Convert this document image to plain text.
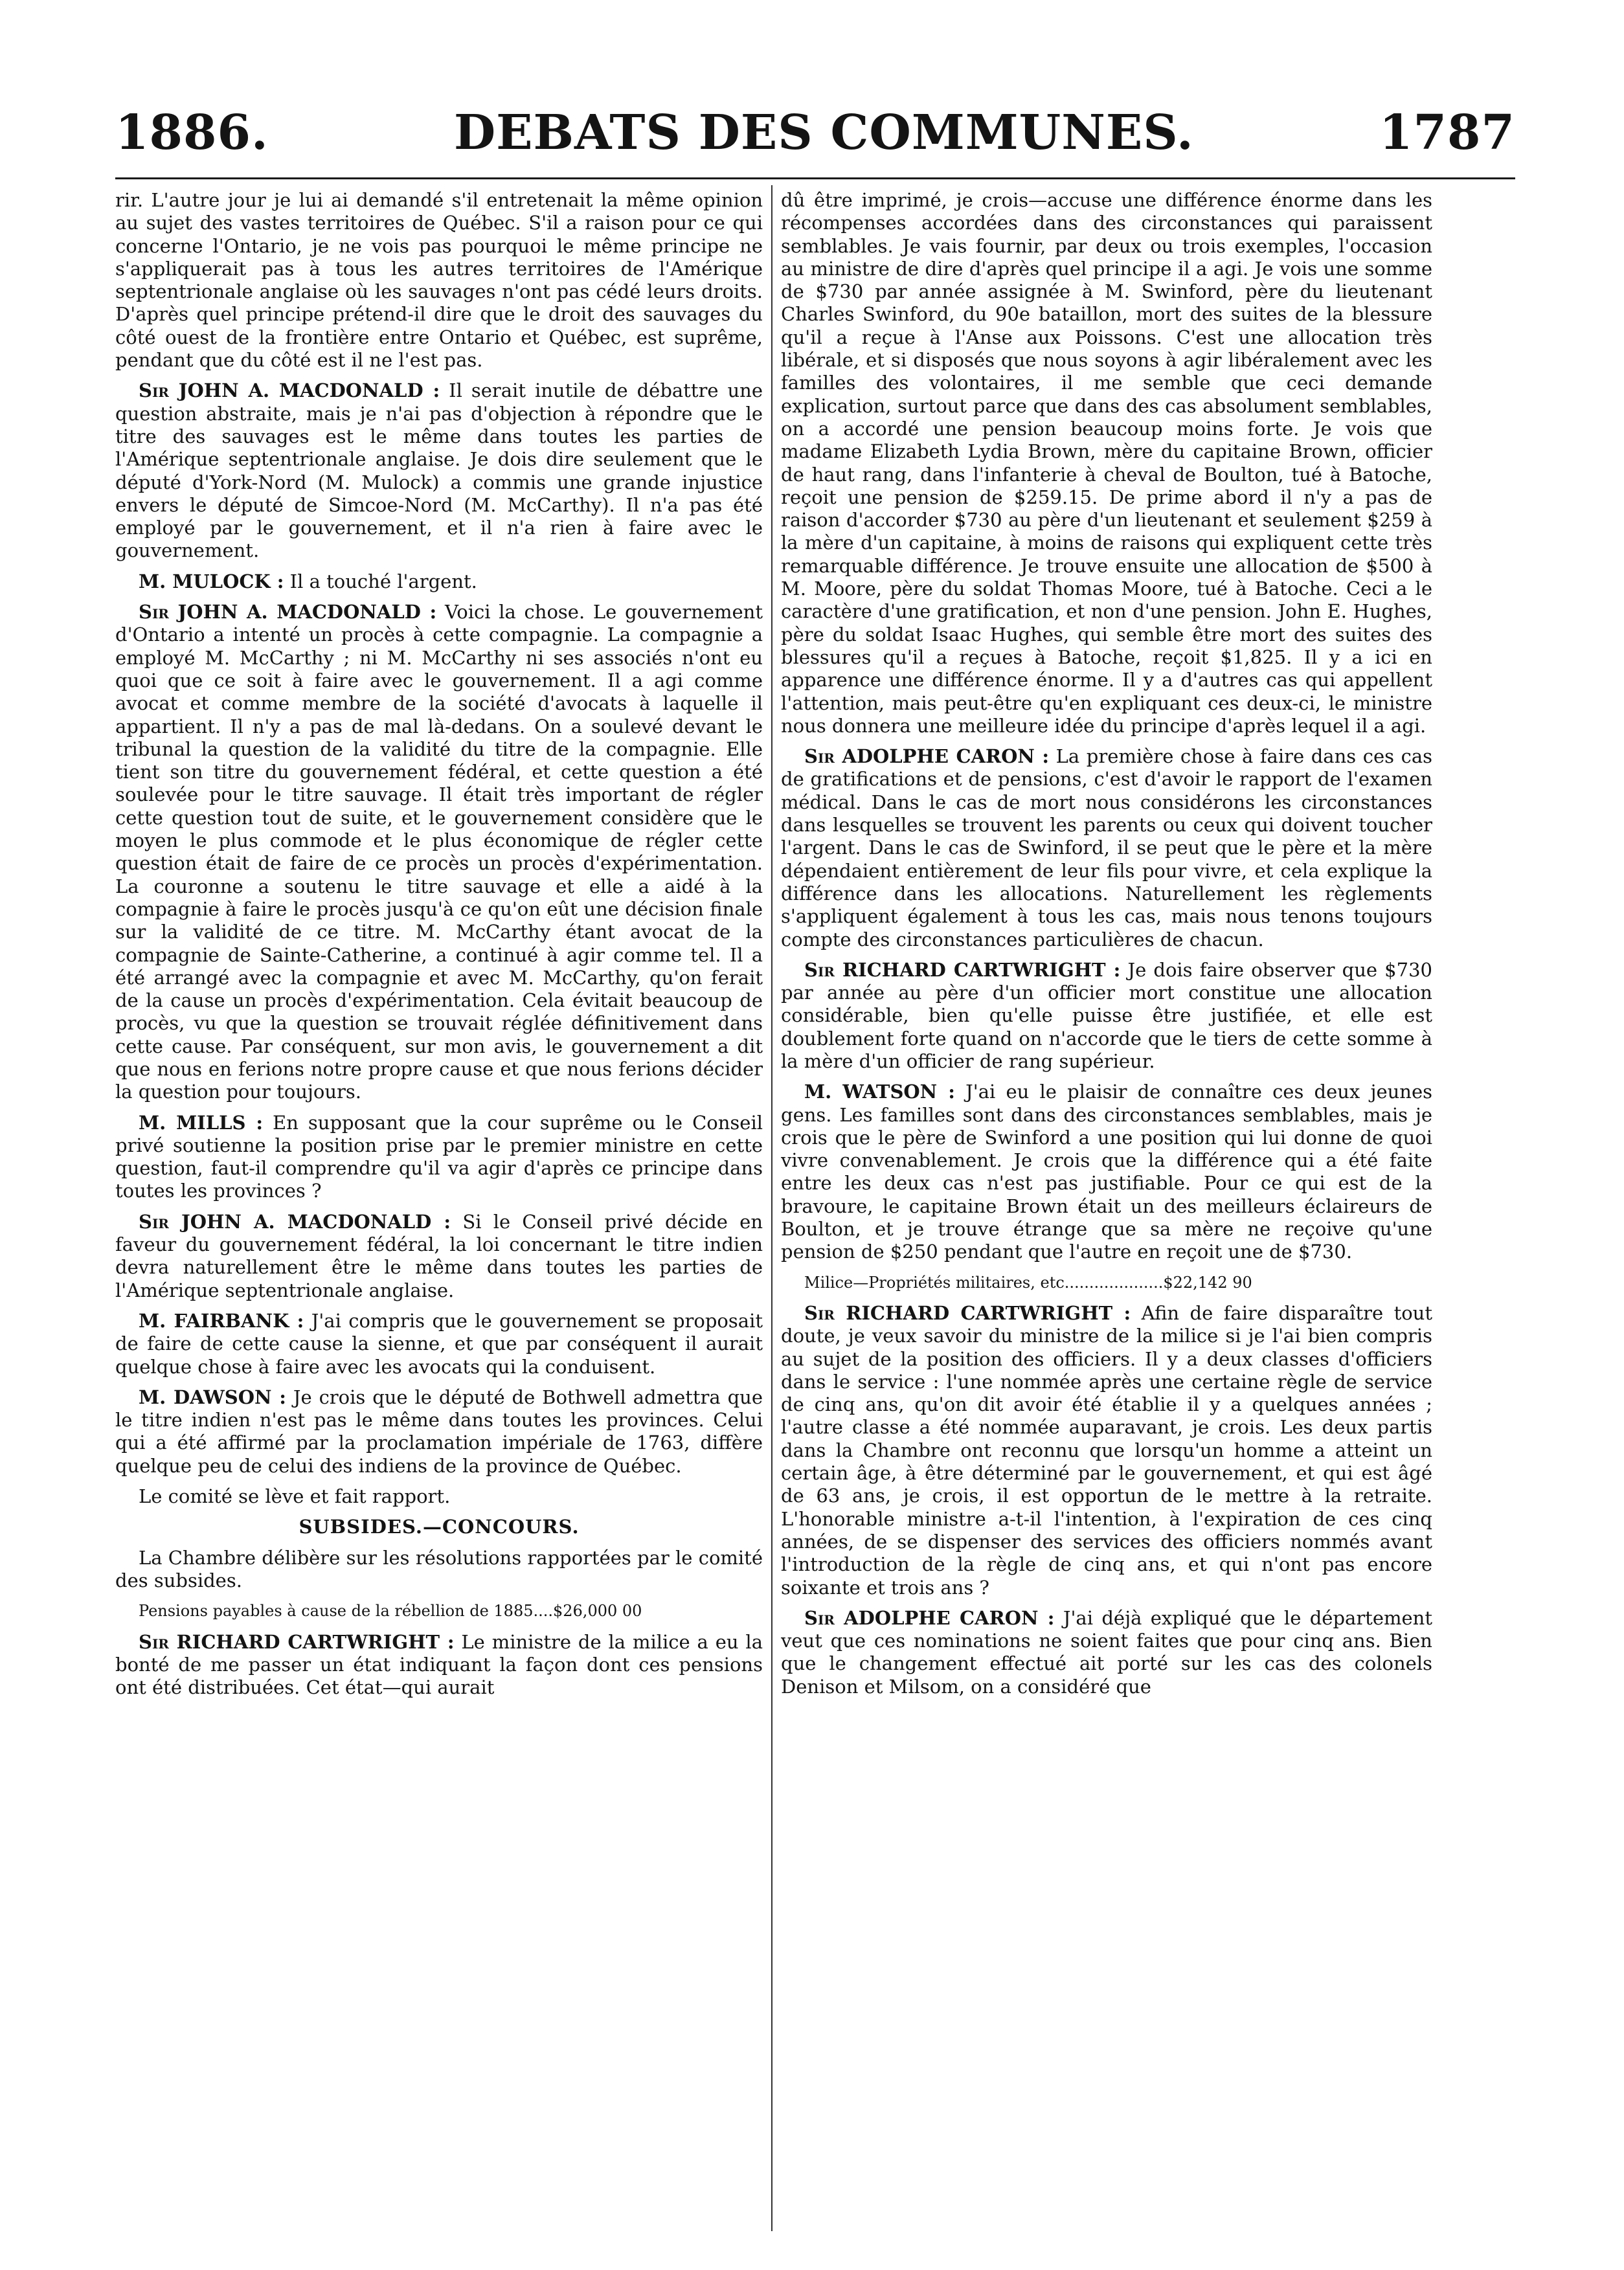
1886.	DEBATS DES COMMUNES.	1787

rir. L'autre jour je lui ai demandé s'il entretenait la même opinion au sujet des vastes territoires de Québec. S'il a raison pour ce qui concerne l'Ontario, je ne vois pas pourquoi le même principe ne s'appliquerait pas à tous les autres territoires de l'Amérique septentrionale anglaise où les sauvages n'ont pas cédé leurs droits. D'après quel principe prétend-il dire que le droit des sauvages du côté ouest de la frontière entre Ontario et Québec, est suprême, pendant que du côté est il ne l'est pas.

Sir JOHN A. MACDONALD : Il serait inutile de débattre une question abstraite, mais je n'ai pas d'objection à répondre que le titre des sauvages est le même dans toutes les parties de l'Amérique septentrionale anglaise. Je dois dire seulement que le député d'York-Nord (M. Mulock) a commis une grande injustice envers le député de Simcoe-Nord (M. McCarthy). Il n'a pas été employé par le gouvernement, et il n'a rien à faire avec le gouvernement.

M. MULOCK : Il a touché l'argent.

Sir JOHN A. MACDONALD : Voici la chose. Le gouvernement d'Ontario a intenté un procès à cette compagnie. La compagnie a employé M. McCarthy ; ni M. McCarthy ni ses associés n'ont eu quoi que ce soit à faire avec le gouvernement. Il a agi comme avocat et comme membre de la société d'avocats à laquelle il appartient. Il n'y a pas de mal là-dedans. On a soulevé devant le tribunal la question de la validité du titre de la compagnie. Elle tient son titre du gouvernement fédéral, et cette question a été soulevée pour le titre sauvage. Il était très important de régler cette question tout de suite, et le gouvernement considère que le moyen le plus commode et le plus économique de régler cette question était de faire de ce procès un procès d'expérimentation. La couronne a soutenu le titre sauvage et elle a aidé à la compagnie à faire le procès jusqu'à ce qu'on eût une décision finale sur la validité de ce titre. M. McCarthy étant avocat de la compagnie de Sainte-Catherine, a continué à agir comme tel. Il a été arrangé avec la compagnie et avec M. McCarthy, qu'on ferait de la cause un procès d'expérimentation. Cela évitait beaucoup de procès, vu que la question se trouvait réglée définitivement dans cette cause. Par conséquent, sur mon avis, le gouvernement a dit que nous en ferions notre propre cause et que nous ferions décider la question pour toujours.

M. MILLS : En supposant que la cour suprême ou le Conseil privé soutienne la position prise par le premier ministre en cette question, faut-il comprendre qu'il va agir d'après ce principe dans toutes les provinces ?

Sir JOHN A. MACDONALD : Si le Conseil privé décide en faveur du gouvernement fédéral, la loi concernant le titre indien devra naturellement être le même dans toutes les parties de l'Amérique septentrionale anglaise.

M. FAIRBANK : J'ai compris que le gouvernement se proposait de faire de cette cause la sienne, et que par conséquent il aurait quelque chose à faire avec les avocats qui la conduisent.

M. DAWSON : Je crois que le député de Bothwell admettra que le titre indien n'est pas le même dans toutes les provinces. Celui qui a été affirmé par la proclamation impériale de 1763, diffère quelque peu de celui des indiens de la province de Québec.

Le comité se lève et fait rapport.

SUBSIDES.—CONCOURS.

La Chambre délibère sur les résolutions rapportées par le comité des subsides.

Pensions payables à cause de la rébellion de 1885.... $26,000 00

Sir RICHARD CARTWRIGHT : Le ministre de la milice a eu la bonté de me passer un état indiquant la façon dont ces pensions ont été distribuées. Cet état—qui aurait

dû être imprimé, je crois—accuse une différence énorme dans les récompenses accordées dans des circonstances qui paraissent semblables. Je vais fournir, par deux ou trois exemples, l'occasion au ministre de dire d'après quel principe il a agi. Je vois une somme de $730 par année assignée à M. Swinford, père du lieutenant Charles Swinford, du 90e bataillon, mort des suites de la blessure qu'il a reçue à l'Anse aux Poissons. C'est une allocation très libérale, et si disposés que nous soyons à agir libéralement avec les familles des volontaires, il me semble que ceci demande explication, surtout parce que dans des cas absolument semblables, on a accordé une pension beaucoup moins forte. Je vois que madame Elizabeth Lydia Brown, mère du capitaine Brown, officier de haut rang, dans l'infanterie à cheval de Boulton, tué à Batoche, reçoit une pension de $259.15. De prime abord il n'y a pas de raison d'accorder $730 au père d'un lieutenant et seulement $259 à la mère d'un capitaine, à moins de raisons qui expliquent cette très remarquable différence. Je trouve ensuite une allocation de $500 à M. Moore, père du soldat Thomas Moore, tué à Batoche. Ceci a le caractère d'une gratification, et non d'une pension. John E. Hughes, père du soldat Isaac Hughes, qui semble être mort des suites des blessures qu'il a reçues à Batoche, reçoit $1,825. Il y a ici en apparence une différence énorme. Il y a d'autres cas qui appellent l'attention, mais peut-être qu'en expliquant ces deux-ci, le ministre nous donnera une meilleure idée du principe d'après lequel il a agi.

Sir ADOLPHE CARON : La première chose à faire dans ces cas de gratifications et de pensions, c'est d'avoir le rapport de l'examen médical. Dans le cas de mort nous considérons les circonstances dans lesquelles se trouvent les parents ou ceux qui doivent toucher l'argent. Dans le cas de Swinford, il se peut que le père et la mère dépendaient entièrement de leur fils pour vivre, et cela explique la différence dans les allocations. Naturellement les règlements s'appliquent également à tous les cas, mais nous tenons toujours compte des circonstances particulières de chacun.

Sir RICHARD CARTWRIGHT : Je dois faire observer que $730 par année au père d'un officier mort constitue une allocation considérable, bien qu'elle puisse être justifiée, et elle est doublement forte quand on n'accorde que le tiers de cette somme à la mère d'un officier de rang supérieur.

M. WATSON : J'ai eu le plaisir de connaître ces deux jeunes gens. Les familles sont dans des circonstances semblables, mais je crois que le père de Swinford a une position qui lui donne de quoi vivre convenablement. Je crois que la différence qui a été faite entre les deux cas n'est pas justifiable. Pour ce qui est de la bravoure, le capitaine Brown était un des meilleurs éclaireurs de Boulton, et je trouve étrange que sa mère ne reçoive qu'une pension de $250 pendant que l'autre en reçoit une de $730.

Milice—Propriétés militaires, etc.................... $22,142 90

Sir RICHARD CARTWRIGHT : Afin de faire disparaître tout doute, je veux savoir du ministre de la milice si je l'ai bien compris au sujet de la position des officiers. Il y a deux classes d'officiers dans le service : l'une nommée après une certaine règle de service de cinq ans, qu'on dit avoir été établie il y a quelques années ; l'autre classe a été nommée auparavant, je crois. Les deux partis dans la Chambre ont reconnu que lorsqu'un homme a atteint un certain âge, à être déterminé par le gouvernement, et qui est âgé de 63 ans, je crois, il est opportun de le mettre à la retraite. L'honorable ministre a-t-il l'intention, à l'expiration de ces cinq années, de se dispenser des services des officiers nommés avant l'introduction de la règle de cinq ans, et qui n'ont pas encore soixante et trois ans ?

Sir ADOLPHE CARON : J'ai déjà expliqué que le département veut que ces nominations ne soient faites que pour cinq ans. Bien que le changement effectué ait porté sur les cas des colonels Denison et Milsom, on a considéré que
